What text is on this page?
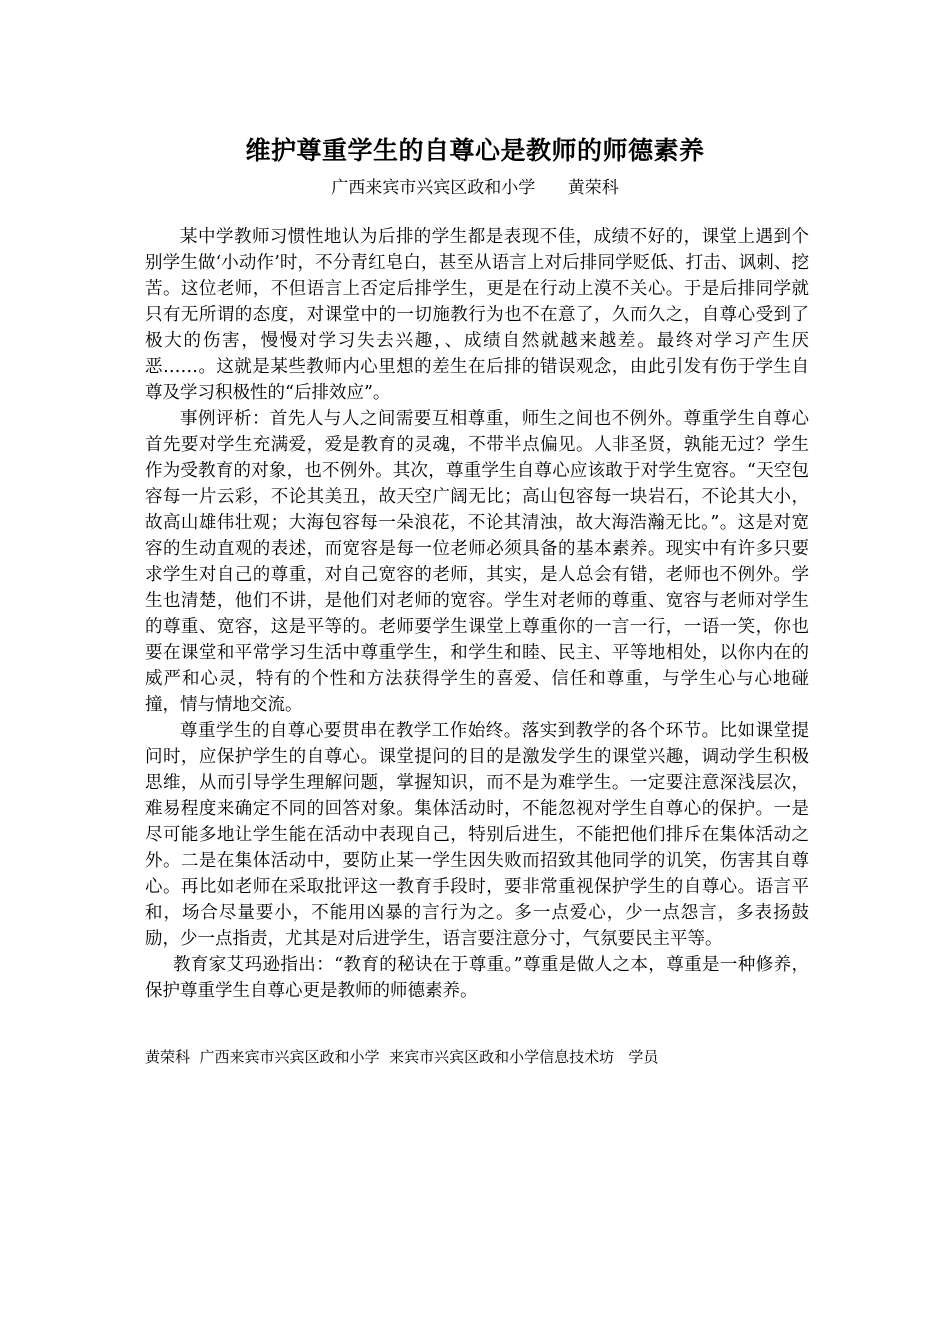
维护尊重学生的自尊心是教师的师德素养
广西来宾市兴宾区政和小学      黄荣科

某中学教师习惯性地认为后排的学生都是表现不佳，成绩不好的，课堂上遇到个别学生做‘小动作’时，不分青红皂白，甚至从语言上对后排同学贬低、打击、讽刺、挖苦。这位老师，不但语言上否定后排学生，更是在行动上漠不关心。于是后排同学就只有无所谓的态度，对课堂中的一切施教行为也不在意了，久而久之，自尊心受到了极大的伤害，慢慢对学习失去兴趣，、成绩自然就越来越差。最终对学习产生厌恶……。这就是某些教师内心里想的差生在后排的错误观念，由此引发有伤于学生自尊及学习积极性的“后排效应”。

事例评析：首先人与人之间需要互相尊重，师生之间也不例外。尊重学生自尊心首先要对学生充满爱，爱是教育的灵魂，不带半点偏见。人非圣贤，孰能无过？学生作为受教育的对象，也不例外。其次，尊重学生自尊心应该敢于对学生宽容。“天空包容每一片云彩，不论其美丑，故天空广阔无比；高山包容每一块岩石，不论其大小，故高山雄伟壮观；大海包容每一朵浪花，不论其清浊，故大海浩瀚无比。”。这是对宽容的生动直观的表述，而宽容是每一位老师必须具备的基本素养。现实中有许多只要求学生对自己的尊重，对自己宽容的老师，其实，是人总会有错，老师也不例外。学生也清楚，他们不讲，是他们对老师的宽容。学生对老师的尊重、宽容与老师对学生的尊重、宽容，这是平等的。老师要学生课堂上尊重你的一言一行，一语一笑，你也要在课堂和平常学习生活中尊重学生，和学生和睦、民主、平等地相处，以你内在的威严和心灵，特有的个性和方法获得学生的喜爱、信任和尊重，与学生心与心地碰撞，情与情地交流。

尊重学生的自尊心要贯串在教学工作始终。落实到教学的各个环节。比如课堂提问时，应保护学生的自尊心。课堂提问的目的是激发学生的课堂兴趣，调动学生积极思维，从而引导学生理解问题，掌握知识，而不是为难学生。一定要注意深浅层次，难易程度来确定不同的回答对象。集体活动时，不能忽视对学生自尊心的保护。一是尽可能多地让学生能在活动中表现自己，特别后进生，不能把他们排斥在集体活动之外。二是在集体活动中，要防止某一学生因失败而招致其他同学的讥笑，伤害其自尊心。再比如老师在采取批评这一教育手段时，要非常重视保护学生的自尊心。语言平和，场合尽量要小，不能用凶暴的言行为之。多一点爱心，少一点怨言，多表扬鼓励，少一点指责，尤其是对后进学生，语言要注意分寸，气氛要民主平等。

教育家艾玛逊指出：“教育的秘诀在于尊重。”尊重是做人之本，尊重是一种修养，保护尊重学生自尊心更是教师的师德素养。

黄荣科  广西来宾市兴宾区政和小学  来宾市兴宾区政和小学信息技术坊   学员
